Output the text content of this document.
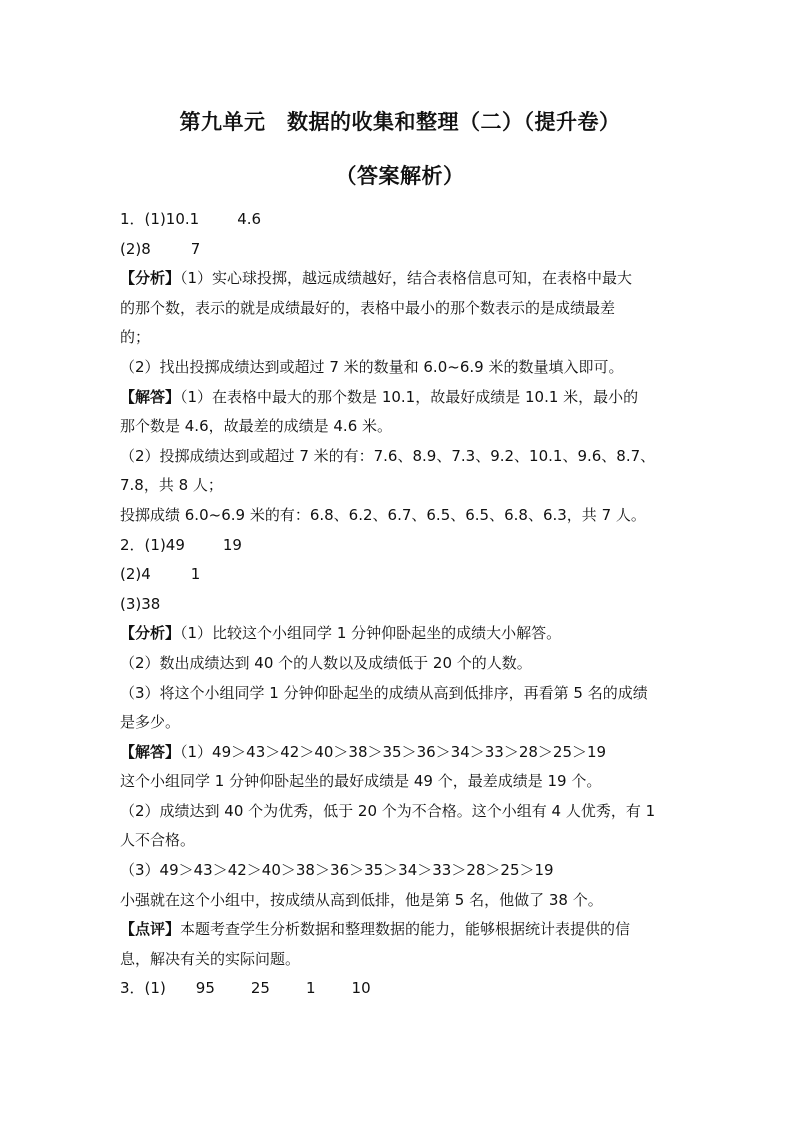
第九单元　数据的收集和整理（二）（提升卷）
（答案解析）
1．(1)10.1	4.6
(2)8	7
【分析】（1）实心球投掷，越远成绩越好，结合表格信息可知，在表格中最大
的那个数，表示的就是成绩最好的，表格中最小的那个数表示的是成绩最差
的；
（2）找出投掷成绩达到或超过 7 米的数量和 6.0~6.9 米的数量填入即可。
【解答】（1）在表格中最大的那个数是 10.1，故最好成绩是 10.1 米，最小的
那个数是 4.6，故最差的成绩是 4.6 米。
（2）投掷成绩达到或超过 7 米的有：7.6、8.9、7.3、9.2、10.1、9.6、8.7、
7.8，共 8 人；
投掷成绩 6.0~6.9 米的有：6.8、6.2、6.7、6.5、6.5、6.8、6.3，共 7 人。
2．(1)49	19
(2)4	1
(3)38
【分析】（1）比较这个小组同学 1 分钟仰卧起坐的成绩大小解答。
（2）数出成绩达到 40 个的人数以及成绩低于 20 个的人数。
（3）将这个小组同学 1 分钟仰卧起坐的成绩从高到低排序，再看第 5 名的成绩
是多少。
【解答】（1）49＞43＞42＞40＞38＞35＞36＞34＞33＞28＞25＞19
这个小组同学 1 分钟仰卧起坐的最好成绩是 49 个，最差成绩是 19 个。
（2）成绩达到 40 个为优秀，低于 20 个为不合格。这个小组有 4 人优秀，有 1
人不合格。
（3）49＞43＞42＞40＞38＞36＞35＞34＞33＞28＞25＞19
小强就在这个小组中，按成绩从高到低排，他是第 5 名，他做了 38 个。
【点评】本题考查学生分析数据和整理数据的能力，能够根据统计表提供的信
息，解决有关的实际问题。
3．(1) 95 25 1 10
